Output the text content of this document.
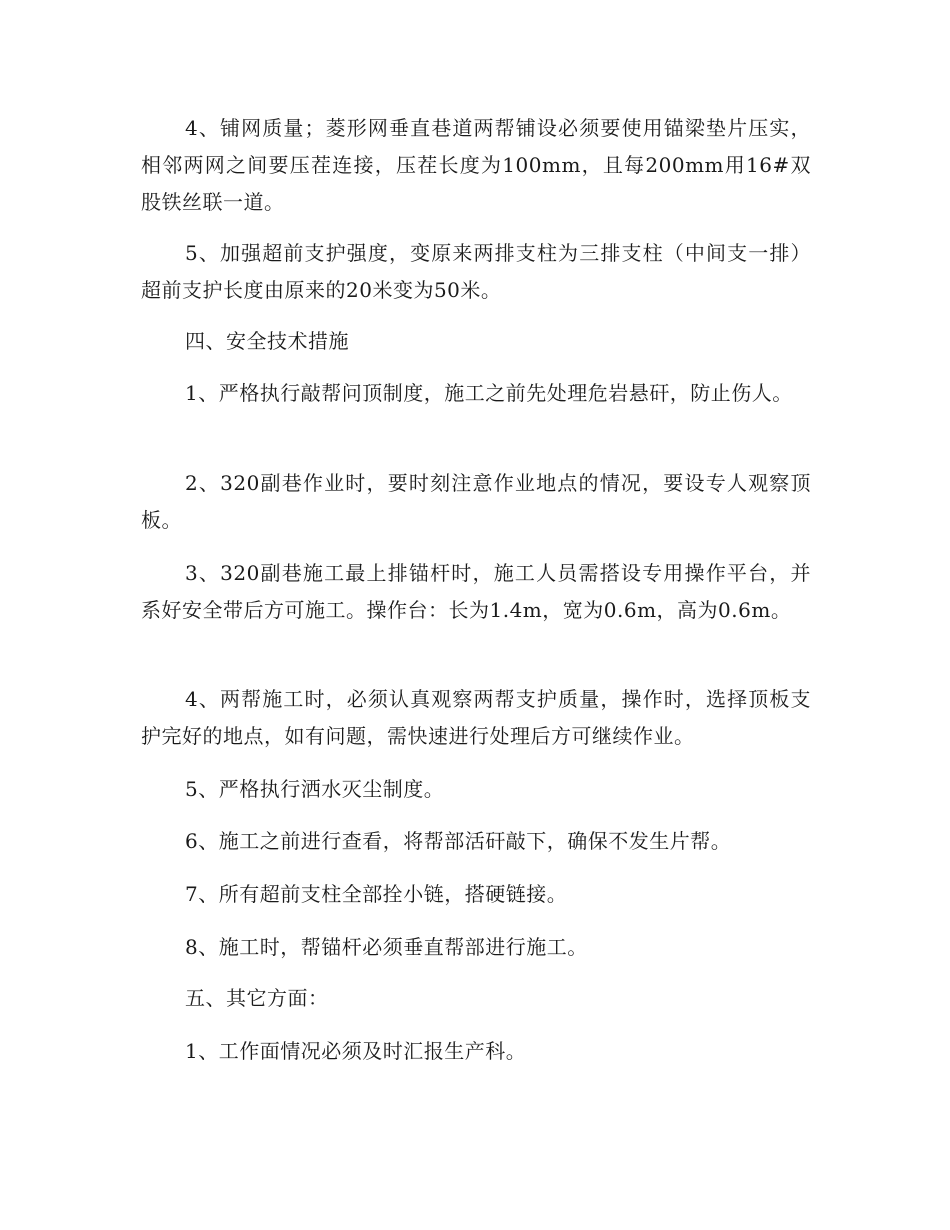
4、铺网质量；菱形网垂直巷道两帮铺设必须要使用锚梁垫片压实，相邻两网之间要压茬连接，压茬长度为100mm，且每200mm用16#双股铁丝联一道。

5、加强超前支护强度，变原来两排支柱为三排支柱（中间支一排）超前支护长度由原来的20米变为50米。

四、安全技术措施

1、严格执行敲帮问顶制度，施工之前先处理危岩悬矸，防止伤人。

2、320副巷作业时，要时刻注意作业地点的情况，要设专人观察顶板。

3、320副巷施工最上排锚杆时，施工人员需搭设专用操作平台，并系好安全带后方可施工。操作台：长为1.4m，宽为0.6m，高为0.6m。

4、两帮施工时，必须认真观察两帮支护质量，操作时，选择顶板支护完好的地点，如有问题，需快速进行处理后方可继续作业。

5、严格执行洒水灭尘制度。

6、施工之前进行查看，将帮部活矸敲下，确保不发生片帮。

7、所有超前支柱全部拴小链，搭硬链接。

8、施工时，帮锚杆必须垂直帮部进行施工。

五、其它方面：

1、工作面情况必须及时汇报生产科。
